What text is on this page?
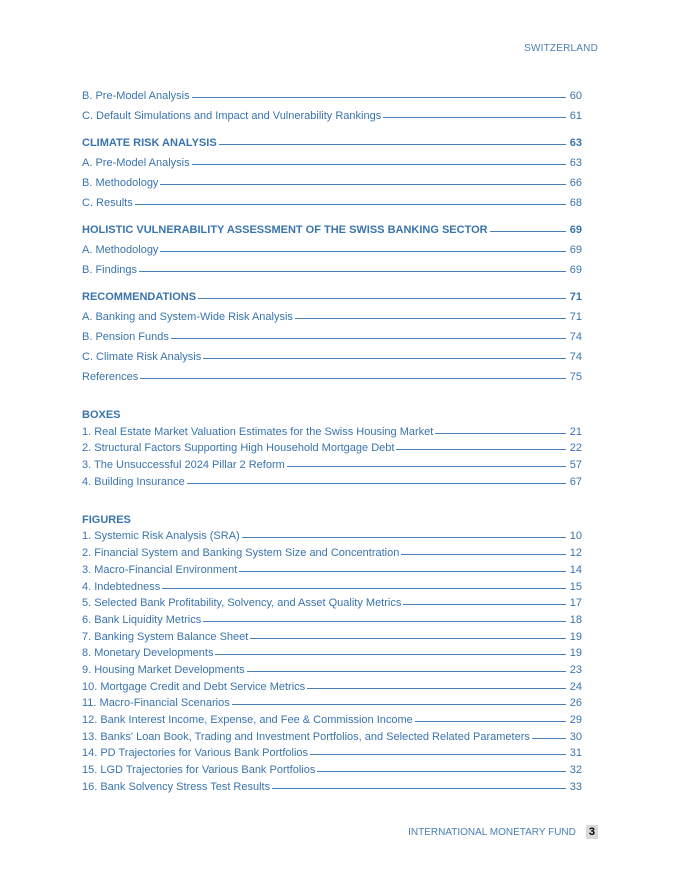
SWITZERLAND
B. Pre-Model Analysis	60
C. Default Simulations and Impact and Vulnerability Rankings	61
CLIMATE RISK ANALYSIS	63
A. Pre-Model Analysis	63
B. Methodology	66
C. Results	68
HOLISTIC VULNERABILITY ASSESSMENT OF THE SWISS BANKING SECTOR	69
A. Methodology	69
B. Findings	69
RECOMMENDATIONS	71
A. Banking and System-Wide Risk Analysis	71
B. Pension Funds	74
C. Climate Risk Analysis	74
References	75
BOXES
1. Real Estate Market Valuation Estimates for the Swiss Housing Market	21
2. Structural Factors Supporting High Household Mortgage Debt	22
3. The Unsuccessful 2024 Pillar 2 Reform	57
4. Building Insurance	67
FIGURES
1. Systemic Risk Analysis (SRA)	10
2. Financial System and Banking System Size and Concentration	12
3. Macro-Financial Environment	14
4. Indebtedness	15
5. Selected Bank Profitability, Solvency, and Asset Quality Metrics	17
6. Bank Liquidity Metrics	18
7. Banking System Balance Sheet	19
8. Monetary Developments	19
9. Housing Market Developments	23
10. Mortgage Credit and Debt Service Metrics	24
11. Macro-Financial Scenarios	26
12. Bank Interest Income, Expense, and Fee & Commission Income	29
13. Banks' Loan Book, Trading and Investment Portfolios, and Selected Related Parameters	30
14. PD Trajectories for Various Bank Portfolios	31
15. LGD Trajectories for Various Bank Portfolios	32
16. Bank Solvency Stress Test Results	33
INTERNATIONAL MONETARY FUND 3
